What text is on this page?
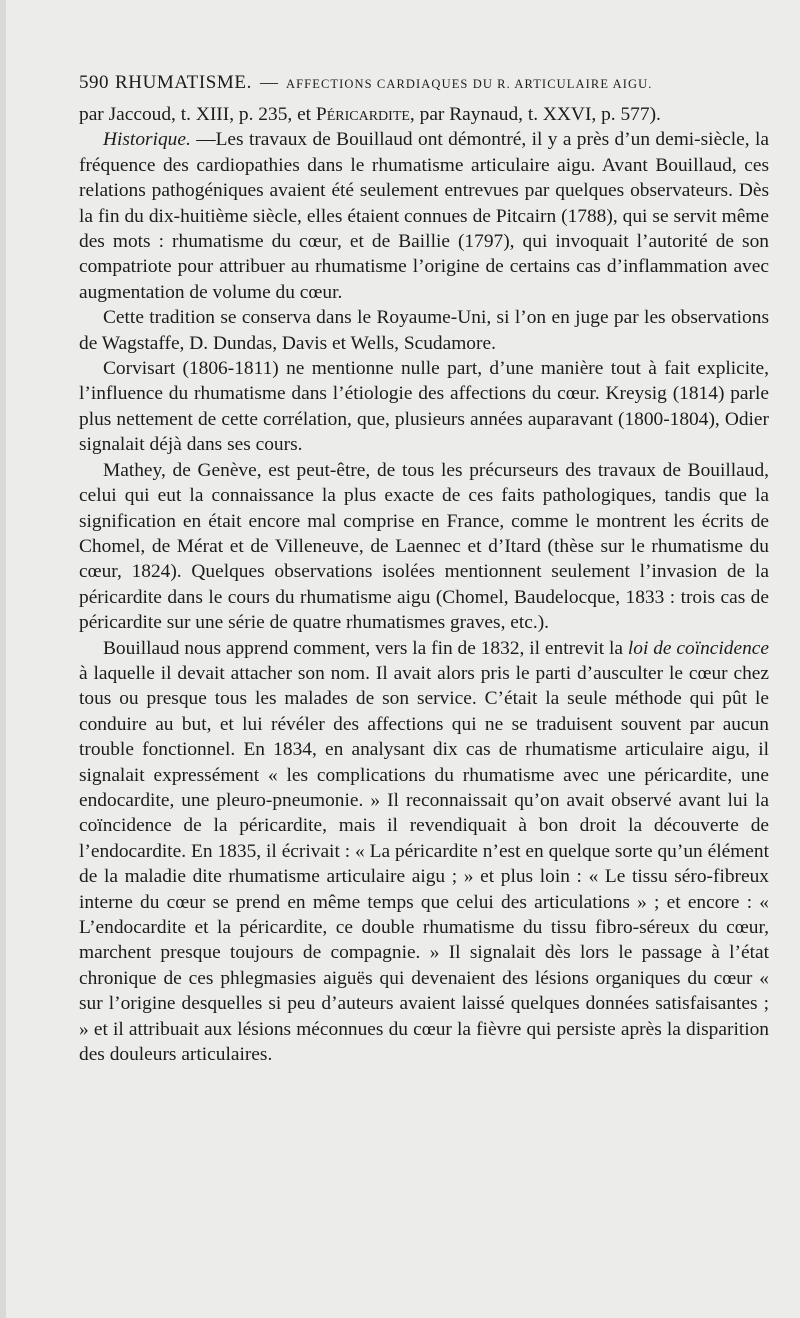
590 RHUMATISME. — AFFECTIONS CARDIAQUES DU R. ARTICULAIRE AIGU.

par Jaccoud, t. XIII, p. 235, et Péricardite, par Raynaud, t. XXVI, p. 577).

Historique. —Les travaux de Bouillaud ont démontré, il y a près d’un demi-siècle, la fréquence des cardiopathies dans le rhumatisme articulaire aigu. Avant Bouillaud, ces relations pathogéniques avaient été seulement entrevues par quelques observateurs. Dès la fin du dix-huitième siècle, elles étaient connues de Pitcairn (1788), qui se servit même des mots : rhumatisme du cœur, et de Baillie (1797), qui invoquait l’autorité de son compatriote pour attribuer au rhumatisme l’origine de certains cas d’inflammation avec augmentation de volume du cœur.

Cette tradition se conserva dans le Royaume-Uni, si l’on en juge par les observations de Wagstaffe, D. Dundas, Davis et Wells, Scudamore.

Corvisart (1806-1811) ne mentionne nulle part, d’une manière tout à fait explicite, l’influence du rhumatisme dans l’étiologie des affections du cœur. Kreysig (1814) parle plus nettement de cette corrélation, que, plusieurs années auparavant (1800-1804), Odier signalait déjà dans ses cours.

Mathey, de Genève, est peut-être, de tous les précurseurs des travaux de Bouillaud, celui qui eut la connaissance la plus exacte de ces faits pathologiques, tandis que la signification en était encore mal comprise en France, comme le montrent les écrits de Chomel, de Mérat et de Villeneuve, de Laennec et d’Itard (thèse sur le rhumatisme du cœur, 1824). Quelques observations isolées mentionnent seulement l’invasion de la péricardite dans le cours du rhumatisme aigu (Chomel, Baudelocque, 1833 : trois cas de péricardite sur une série de quatre rhumatismes graves, etc.).

Bouillaud nous apprend comment, vers la fin de 1832, il entrevit la loi de coïncidence à laquelle il devait attacher son nom. Il avait alors pris le parti d’ausculter le cœur chez tous ou presque tous les malades de son service. C’était la seule méthode qui pût le conduire au but, et lui révéler des affections qui ne se traduisent souvent par aucun trouble fonctionnel. En 1834, en analysant dix cas de rhumatisme articulaire aigu, il signalait expressément « les complications du rhumatisme avec une péricardite, une endocardite, une pleuro-pneumonie. » Il reconnaissait qu’on avait observé avant lui la coïncidence de la péricardite, mais il revendiquait à bon droit la découverte de l’endocardite. En 1835, il écrivait : « La péricardite n’est en quelque sorte qu’un élément de la maladie dite rhumatisme articulaire aigu ; » et plus loin : « Le tissu séro-fibreux interne du cœur se prend en même temps que celui des articulations » ; et encore : « L’endocardite et la péricardite, ce double rhumatisme du tissu fibro-séreux du cœur, marchent presque toujours de compagnie. » Il signalait dès lors le passage à l’état chronique de ces phlegmasies aiguës qui devenaient des lésions organiques du cœur « sur l’origine desquelles si peu d’auteurs avaient laissé quelques données satisfaisantes ; » et il attribuait aux lésions méconnues du cœur la fièvre qui persiste après la disparition des douleurs articulaires.
